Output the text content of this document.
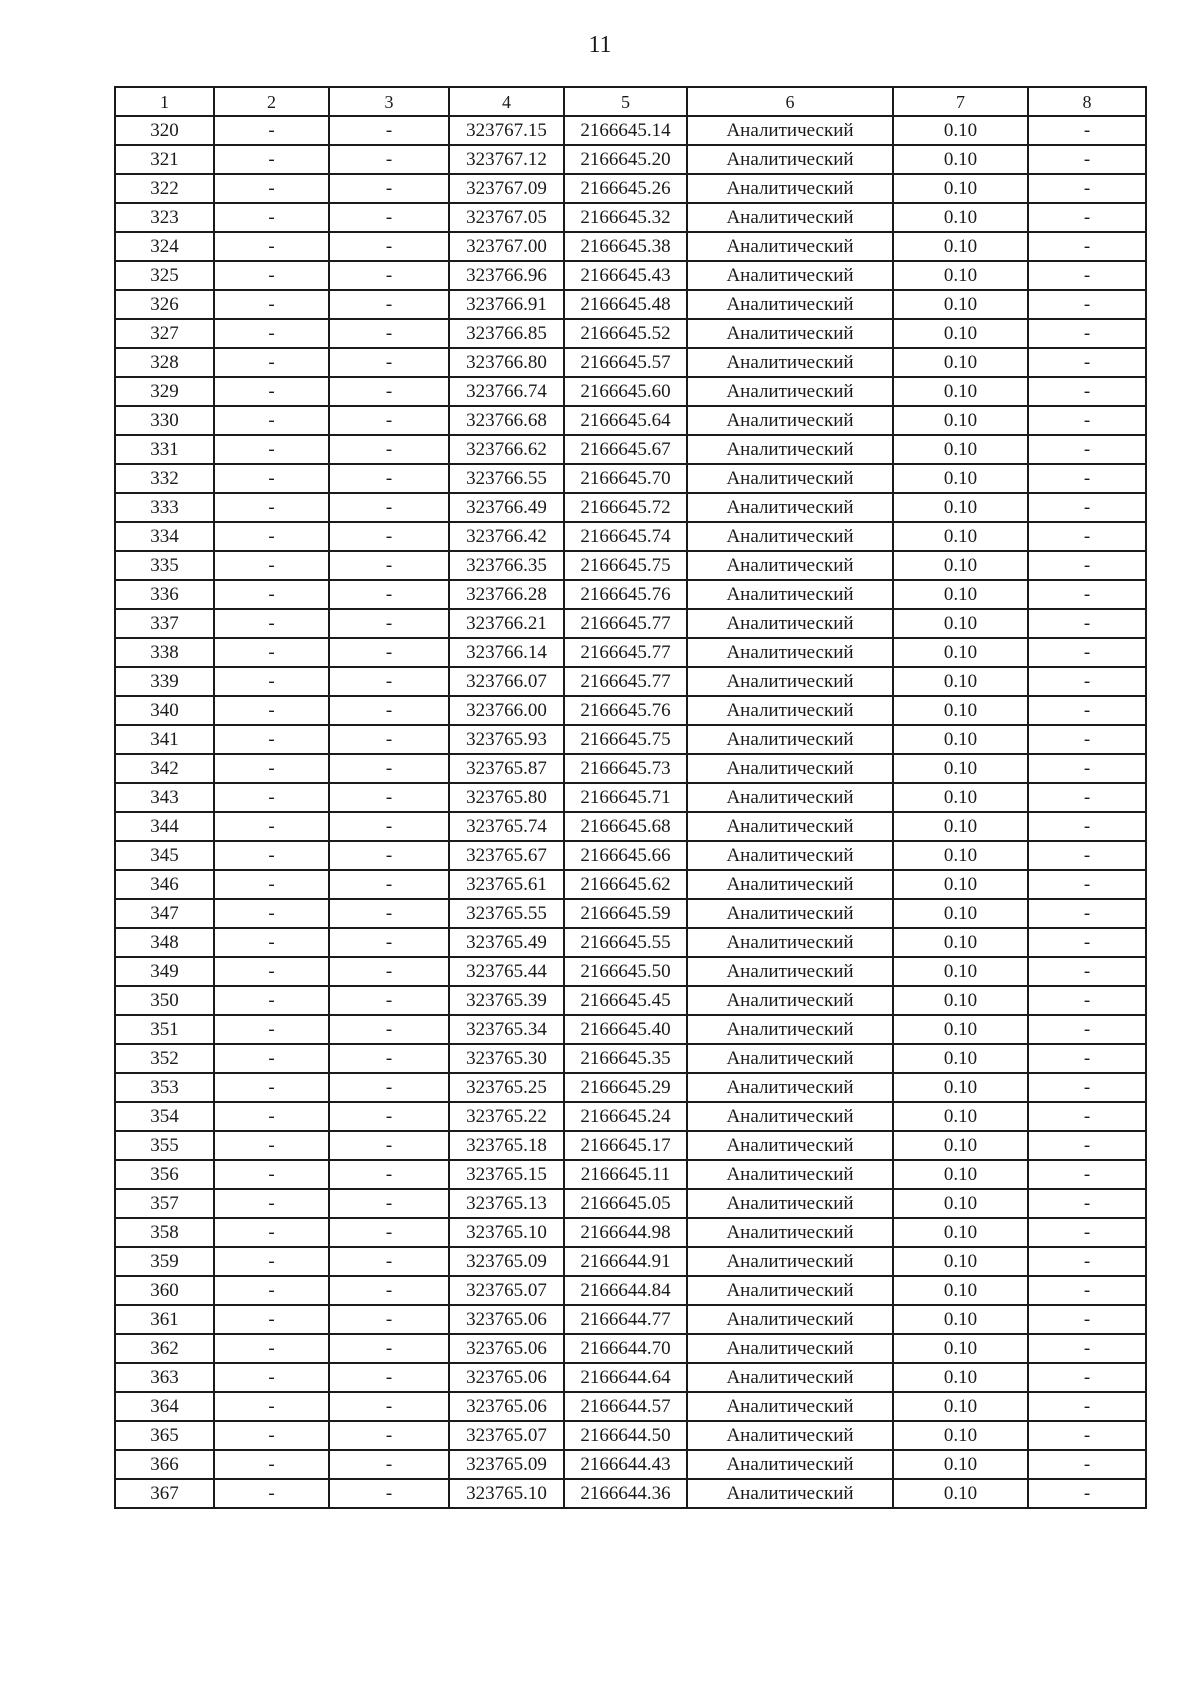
11
1	2	3	4	5	6	7	8
320	-	-	323767.15	2166645.14	Аналитический	0.10	-
321	-	-	323767.12	2166645.20	Аналитический	0.10	-
322	-	-	323767.09	2166645.26	Аналитический	0.10	-
323	-	-	323767.05	2166645.32	Аналитический	0.10	-
324	-	-	323767.00	2166645.38	Аналитический	0.10	-
325	-	-	323766.96	2166645.43	Аналитический	0.10	-
326	-	-	323766.91	2166645.48	Аналитический	0.10	-
327	-	-	323766.85	2166645.52	Аналитический	0.10	-
328	-	-	323766.80	2166645.57	Аналитический	0.10	-
329	-	-	323766.74	2166645.60	Аналитический	0.10	-
330	-	-	323766.68	2166645.64	Аналитический	0.10	-
331	-	-	323766.62	2166645.67	Аналитический	0.10	-
332	-	-	323766.55	2166645.70	Аналитический	0.10	-
333	-	-	323766.49	2166645.72	Аналитический	0.10	-
334	-	-	323766.42	2166645.74	Аналитический	0.10	-
335	-	-	323766.35	2166645.75	Аналитический	0.10	-
336	-	-	323766.28	2166645.76	Аналитический	0.10	-
337	-	-	323766.21	2166645.77	Аналитический	0.10	-
338	-	-	323766.14	2166645.77	Аналитический	0.10	-
339	-	-	323766.07	2166645.77	Аналитический	0.10	-
340	-	-	323766.00	2166645.76	Аналитический	0.10	-
341	-	-	323765.93	2166645.75	Аналитический	0.10	-
342	-	-	323765.87	2166645.73	Аналитический	0.10	-
343	-	-	323765.80	2166645.71	Аналитический	0.10	-
344	-	-	323765.74	2166645.68	Аналитический	0.10	-
345	-	-	323765.67	2166645.66	Аналитический	0.10	-
346	-	-	323765.61	2166645.62	Аналитический	0.10	-
347	-	-	323765.55	2166645.59	Аналитический	0.10	-
348	-	-	323765.49	2166645.55	Аналитический	0.10	-
349	-	-	323765.44	2166645.50	Аналитический	0.10	-
350	-	-	323765.39	2166645.45	Аналитический	0.10	-
351	-	-	323765.34	2166645.40	Аналитический	0.10	-
352	-	-	323765.30	2166645.35	Аналитический	0.10	-
353	-	-	323765.25	2166645.29	Аналитический	0.10	-
354	-	-	323765.22	2166645.24	Аналитический	0.10	-
355	-	-	323765.18	2166645.17	Аналитический	0.10	-
356	-	-	323765.15	2166645.11	Аналитический	0.10	-
357	-	-	323765.13	2166645.05	Аналитический	0.10	-
358	-	-	323765.10	2166644.98	Аналитический	0.10	-
359	-	-	323765.09	2166644.91	Аналитический	0.10	-
360	-	-	323765.07	2166644.84	Аналитический	0.10	-
361	-	-	323765.06	2166644.77	Аналитический	0.10	-
362	-	-	323765.06	2166644.70	Аналитический	0.10	-
363	-	-	323765.06	2166644.64	Аналитический	0.10	-
364	-	-	323765.06	2166644.57	Аналитический	0.10	-
365	-	-	323765.07	2166644.50	Аналитический	0.10	-
366	-	-	323765.09	2166644.43	Аналитический	0.10	-
367	-	-	323765.10	2166644.36	Аналитический	0.10	-
